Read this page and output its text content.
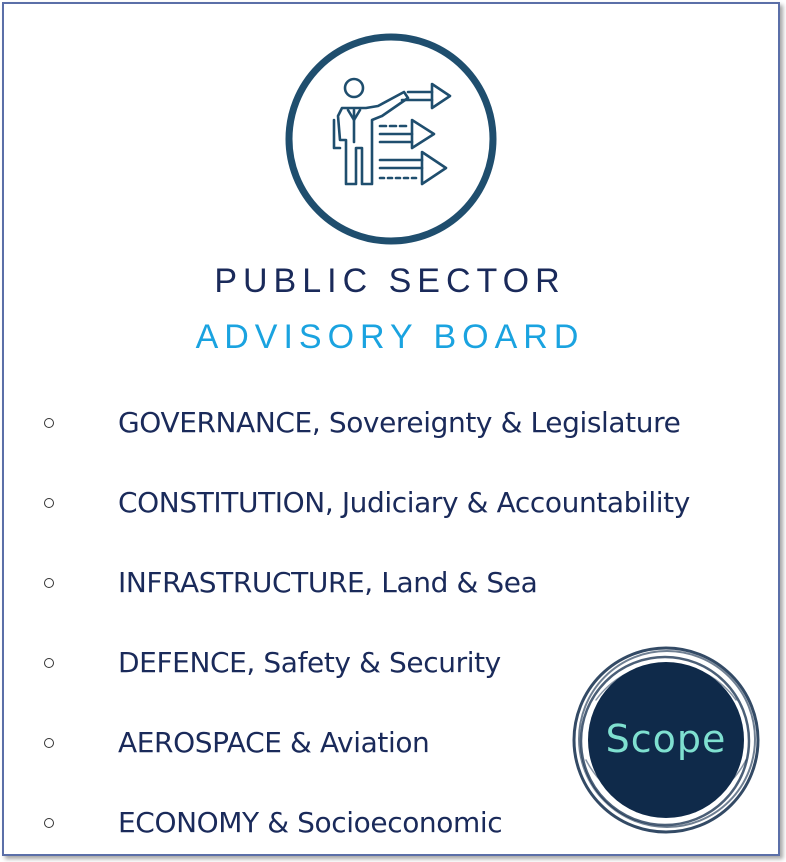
PUBLIC SECTOR
ADVISORY BOARD
GOVERNANCE, Sovereignty & Legislature
CONSTITUTION, Judiciary & Accountability
INFRASTRUCTURE, Land & Sea
DEFENCE, Safety & Security
AEROSPACE & Aviation
ECONOMY & Socioeconomic
Scope
